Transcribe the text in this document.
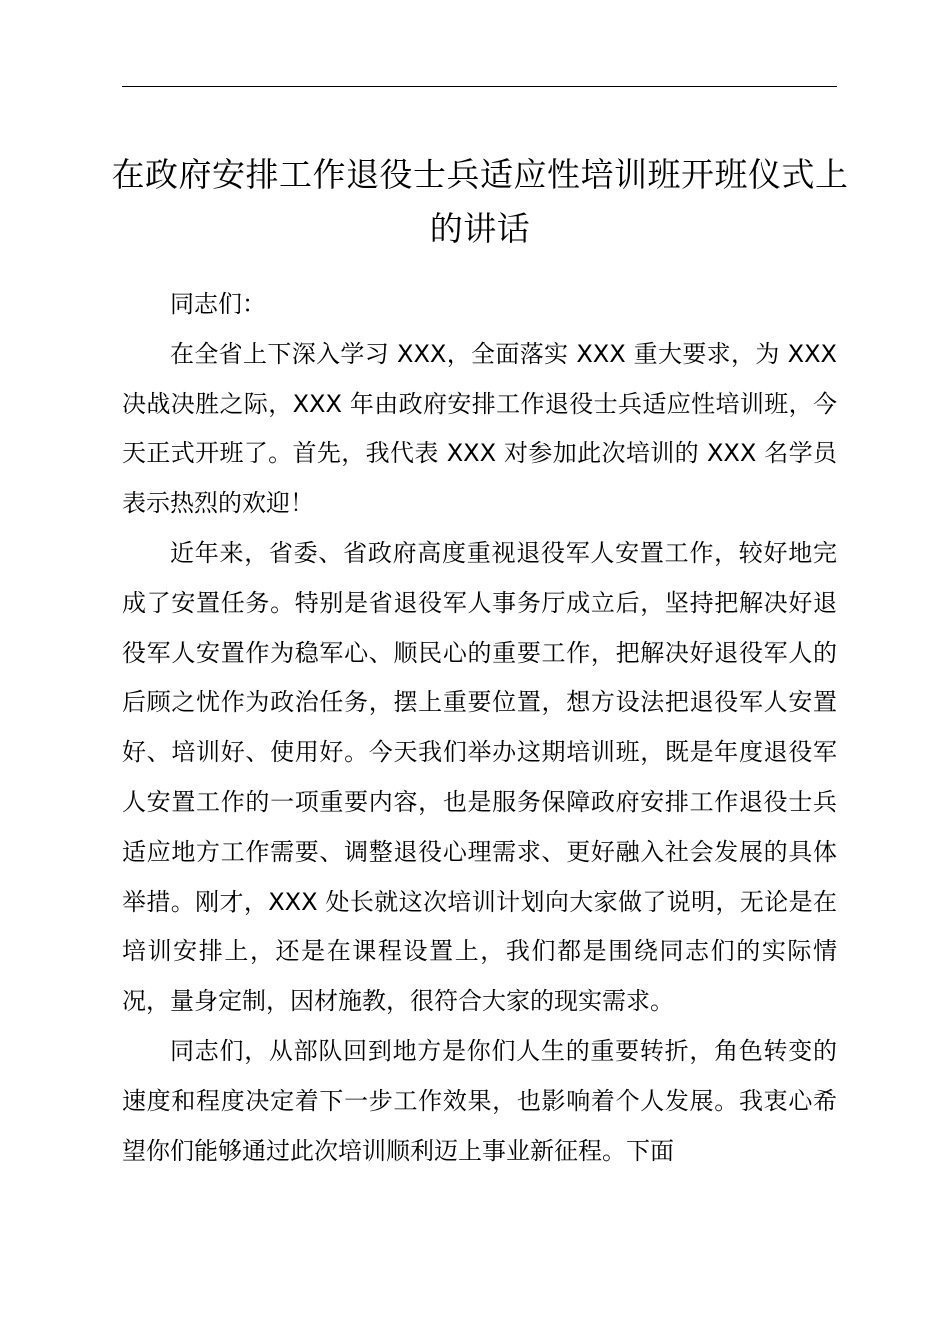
在政府安排工作退役士兵适应性培训班开班仪式上的讲话

同志们：

在全省上下深入学习 XXX，全面落实 XXX 重大要求，为 XXX 决战决胜之际，XXX 年由政府安排工作退役士兵适应性培训班，今天正式开班了。首先，我代表 XXX 对参加此次培训的 XXX 名学员表示热烈的欢迎！

近年来，省委、省政府高度重视退役军人安置工作，较好地完成了安置任务。特别是省退役军人事务厅成立后，坚持把解决好退役军人安置作为稳军心、顺民心的重要工作，把解决好退役军人的后顾之忧作为政治任务，摆上重要位置，想方设法把退役军人安置好、培训好、使用好。今天我们举办这期培训班，既是年度退役军人安置工作的一项重要内容，也是服务保障政府安排工作退役士兵适应地方工作需要、调整退役心理需求、更好融入社会发展的具体举措。刚才，XXX 处长就这次培训计划向大家做了说明，无论是在培训安排上，还是在课程设置上，我们都是围绕同志们的实际情况，量身定制，因材施教，很符合大家的现实需求。

同志们，从部队回到地方是你们人生的重要转折，角色转变的速度和程度决定着下一步工作效果，也影响着个人发展。我衷心希望你们能够通过此次培训顺利迈上事业新征程。下面
